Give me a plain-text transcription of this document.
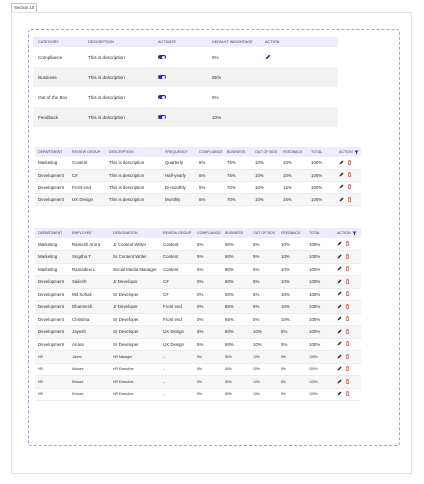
Section 10
CATEGORY	DESCRIPTION	ACTIVATE	DEFAULT WEIGHTAGE	ACTION
Compliance	This is description		5%	

Business	This is description		85%	
Out of the Box	This is description		5%	
Feedback	This is description		10%	
DEPARTMENT	REVIEW GROUP	DESCRIPTION	FREQUENCY	COMPLIANCE	BUSINESS	OUT OF BOX	FEEDBACK	TOTAL	ACTION

Marketing	Content	This is description	Quarterly	5%	75%	10%	10%	100%	

Development	C#	This is description	Half-yearly	5%	75%	10%	10%	100%	

Development	Front end	This is description	Bi-monthly	5%	70%	10%	15%	100%	

Development	UX Design	This is description	Monthly	5%	70%	10%	15%	100%	
DEPARTMENT	EMPLOYEE	DESIGNATION	REVIEW GROUP	COMPLIANCE	BUSINESS	OUT OF BOX	FEEDBACK	TOTAL	ACTION

Marketing	Ramesh Arora	Jr Content Writer	Content	5%	80%	5%	10%	100%	

Marketing	Srigdha T	Sr Content Writer	Content	5%	80%	5%	10%	100%	

Marketing	Ramadevi L	Social Media Manager	Content	5%	80%	5%	10%	100%	

Development	Sailesh	Jr Developer	C#	0%	80%	5%	10%	100%	

Development	Md Sohail	Sr Developer	C#	0%	80%	5%	10%	100%	

Development	Dharmesh	Jr Developer	Front end	0%	85%	5%	10%	100%	

Development	Christina	Sr Developer	Front end	0%	85%	5%	10%	100%	

Development	Jayesh	Sr Developer	UX Design	5%	80%	10%	5%	100%	

Development	Aruna	Sr Developer	UX Design	5%	80%	10%	5%	100%	

HR	Jahnvi	HR Manager	--	5%	80%	10%	5%	100%	

HR	Kishore	HR Executive	--	5%	80%	10%	5%	100%	

HR	Kishore	HR Executive	--	5%	80%	10%	5%	100%	

HR	Kishore	HR Executive	--	5%	80%	10%	5%	100%	
